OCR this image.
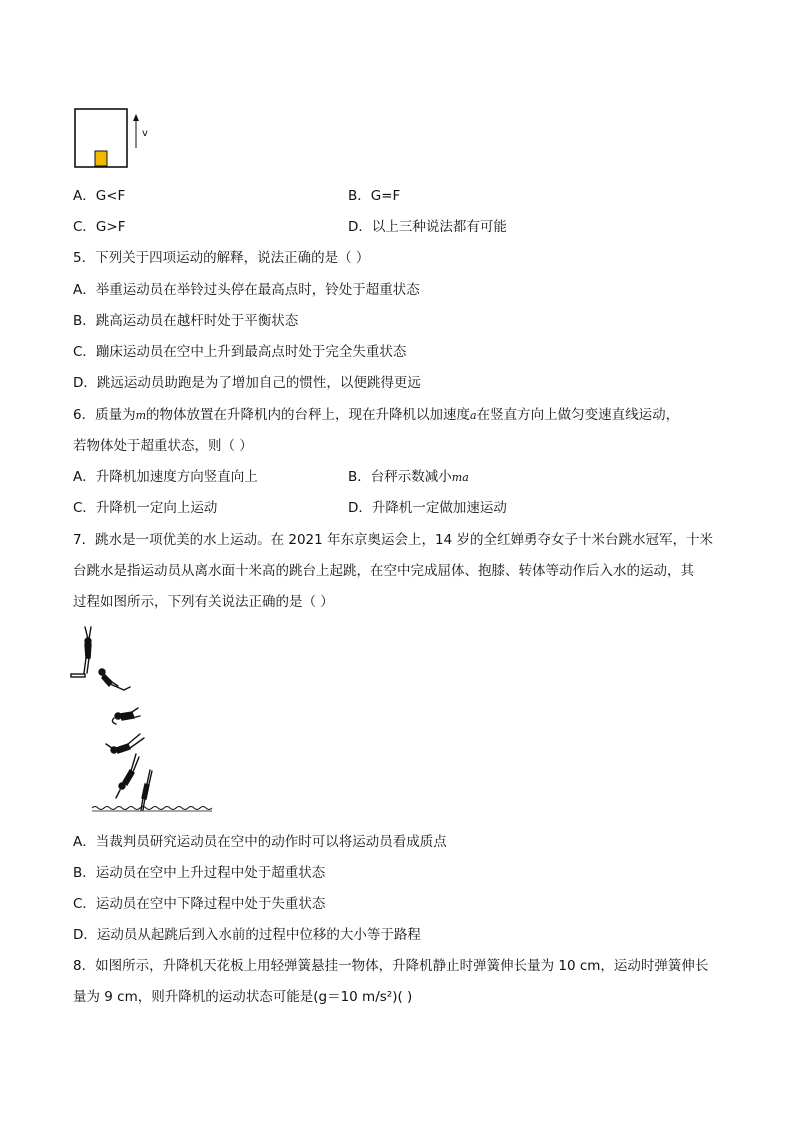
v
A．G<F	B．G=F
C．G>F	D．以上三种说法都有可能
5．下列关于四项运动的解释，说法正确的是（ ）
A．举重运动员在举铃过头停在最高点时，铃处于超重状态
B．跳高运动员在越杆时处于平衡状态
C．蹦床运动员在空中上升到最高点时处于完全失重状态
D．跳远运动员助跑是为了增加自己的惯性，以便跳得更远
6．质量为m的物体放置在升降机内的台秤上，现在升降机以加速度a在竖直方向上做匀变速直线运动，
若物体处于超重状态，则（ ）
A．升降机加速度方向竖直向上	B．台秤示数减小ma
C．升降机一定向上运动	D．升降机一定做加速运动
7．跳水是一项优美的水上运动。在 2021 年东京奥运会上，14 岁的全红婵勇夺女子十米台跳水冠军，十米
台跳水是指运动员从离水面十米高的跳台上起跳，在空中完成屈体、抱膝、转体等动作后入水的运动，其
过程如图所示，下列有关说法正确的是（ ）
A．当裁判员研究运动员在空中的动作时可以将运动员看成质点
B．运动员在空中上升过程中处于超重状态
C．运动员在空中下降过程中处于失重状态
D．运动员从起跳后到入水前的过程中位移的大小等于路程
8．如图所示，升降机天花板上用轻弹簧悬挂一物体，升降机静止时弹簧伸长量为 10 cm，运动时弹簧伸长
量为 9 cm，则升降机的运动状态可能是(g＝10 m/s²)( )
